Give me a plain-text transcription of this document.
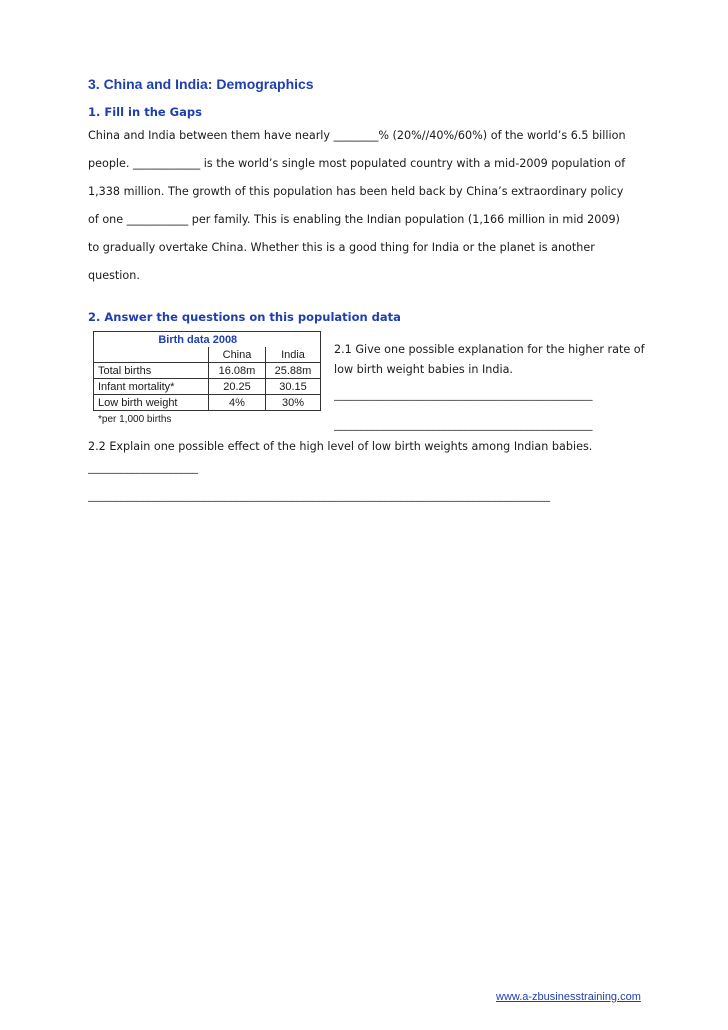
3. China and India: Demographics
1. Fill in the Gaps

China and India between them have nearly ________% (20%//40%/60%) of the world’s 6.5 billion

people. ____________ is the world’s single most populated country with a mid-2009 population of

1,338 million. The growth of this population has been held back by China’s extraordinary policy

of one ___________ per family. This is enabling the Indian population (1,166 million in mid 2009)

to gradually overtake China. Whether this is a good thing for India or the planet is another

question.

2. Answer the questions on this population data
Birth data 2008		
	China	India
Total births	16.08m	25.88m
Infant mortality*	20.25	30.15
Low birth weight	4%	30%
*per 1,000 births

2.1 Give one possible explanation for the higher rate of

low birth weight babies in India.

_______________________________________________
_______________________________________________
2.2 Explain one possible effect of the high level of low birth weights among Indian babies.
____________________
____________________________________________________________________________________
www.a-zbusinesstraining.com
